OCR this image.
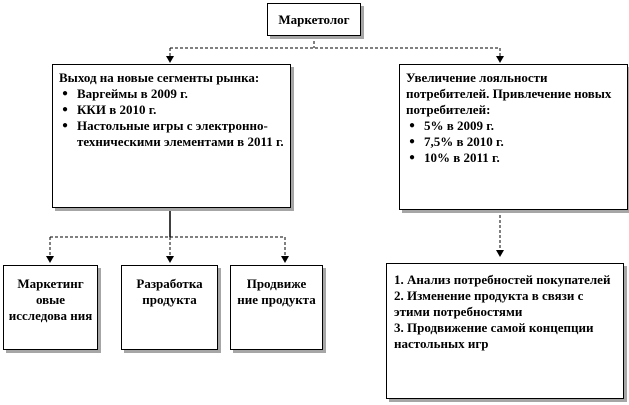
Маркетолог
Выход на новые сегменты рынка:
● Варгеймы в 2009 г.
● ККИ в 2010 г.
● Настольные игры с электронно-техническими элементами в 2011 г.
Увеличение лояльности потребителей. Привлечение новых потребителей:
● 5% в 2009 г.
● 7,5% в 2010 г.
● 10% в 2011 г.
Маркетинг овые исследова ния
Разработка продукта
Продвиже ние продукта
1. Анализ потребностей покупателей
2. Изменение продукта в связи с этими потребностями
3. Продвижение самой концепции настольных игр
